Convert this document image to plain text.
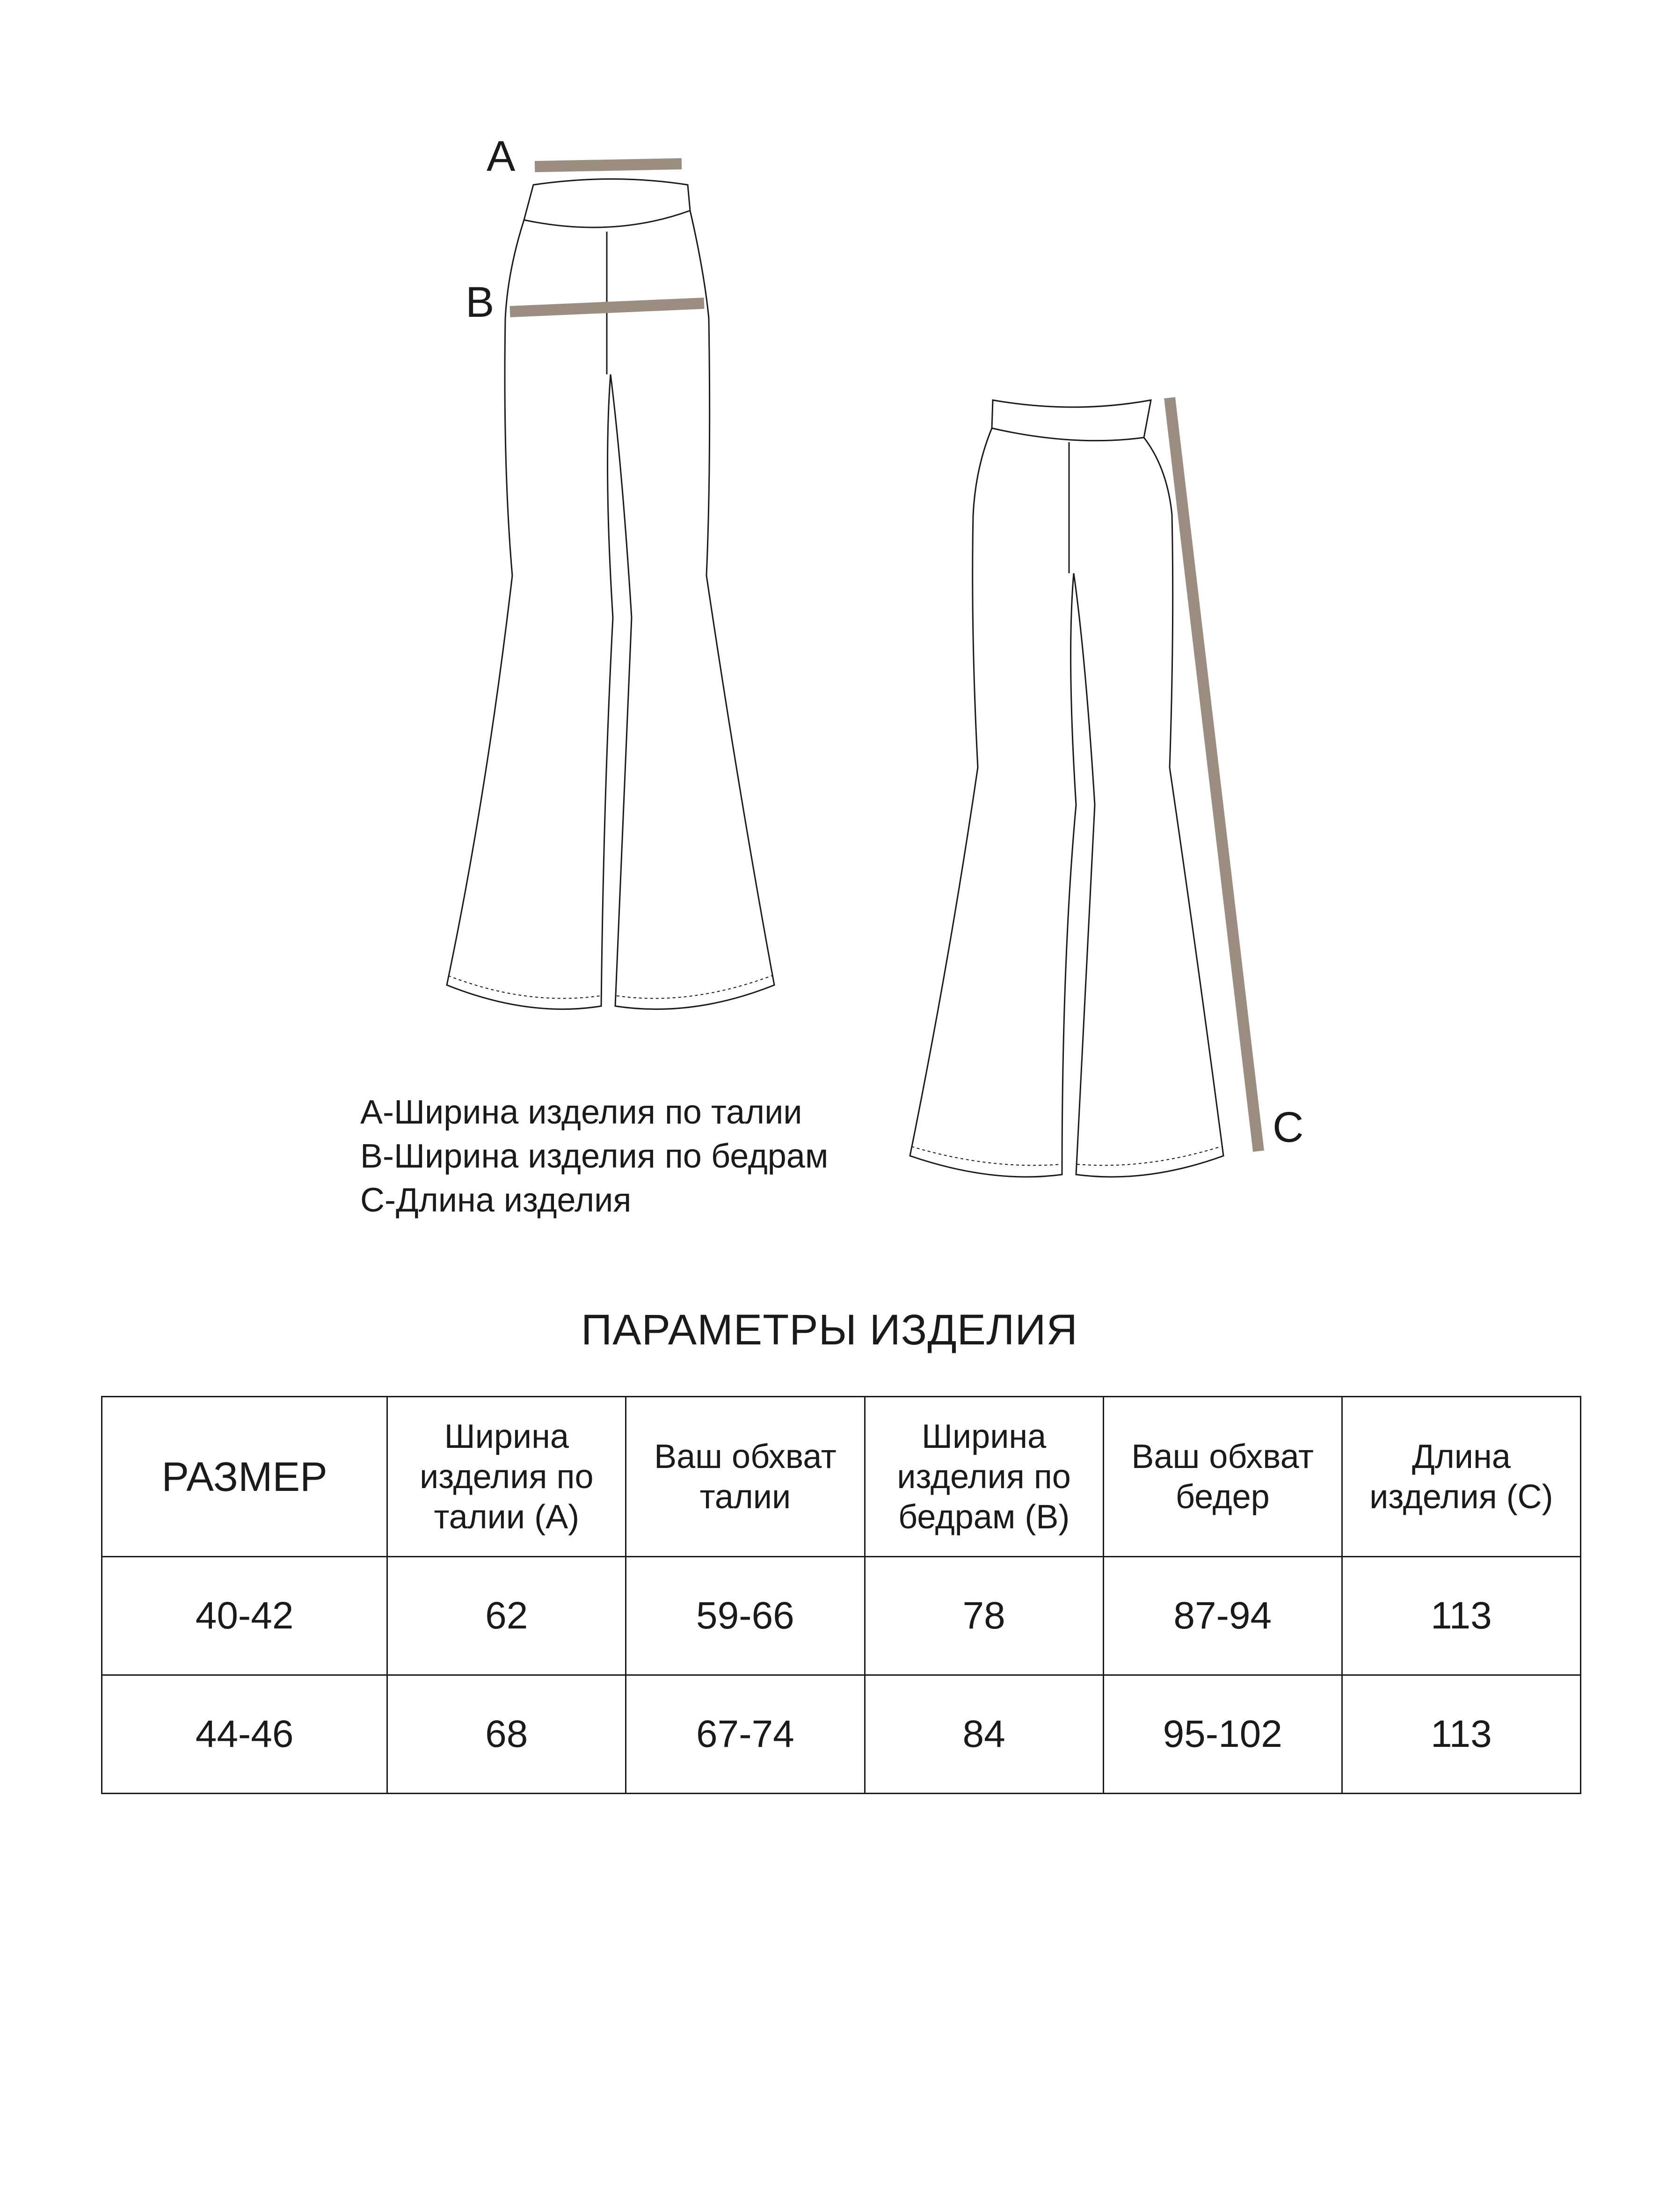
A
B
C
A-Ширина изделия по талии
B-Ширина изделия по бедрам
C-Длина изделия
ПАРАМЕТРЫ ИЗДЕЛИЯ
РАЗМЕР	Ширина изделия по талии (А)	Ваш обхват талии	Ширина изделия по бедрам (В)	Ваш обхват бедер	Длина изделия (С)
40-42	62	59-66	78	87-94	113
44-46	68	67-74	84	95-102	113
